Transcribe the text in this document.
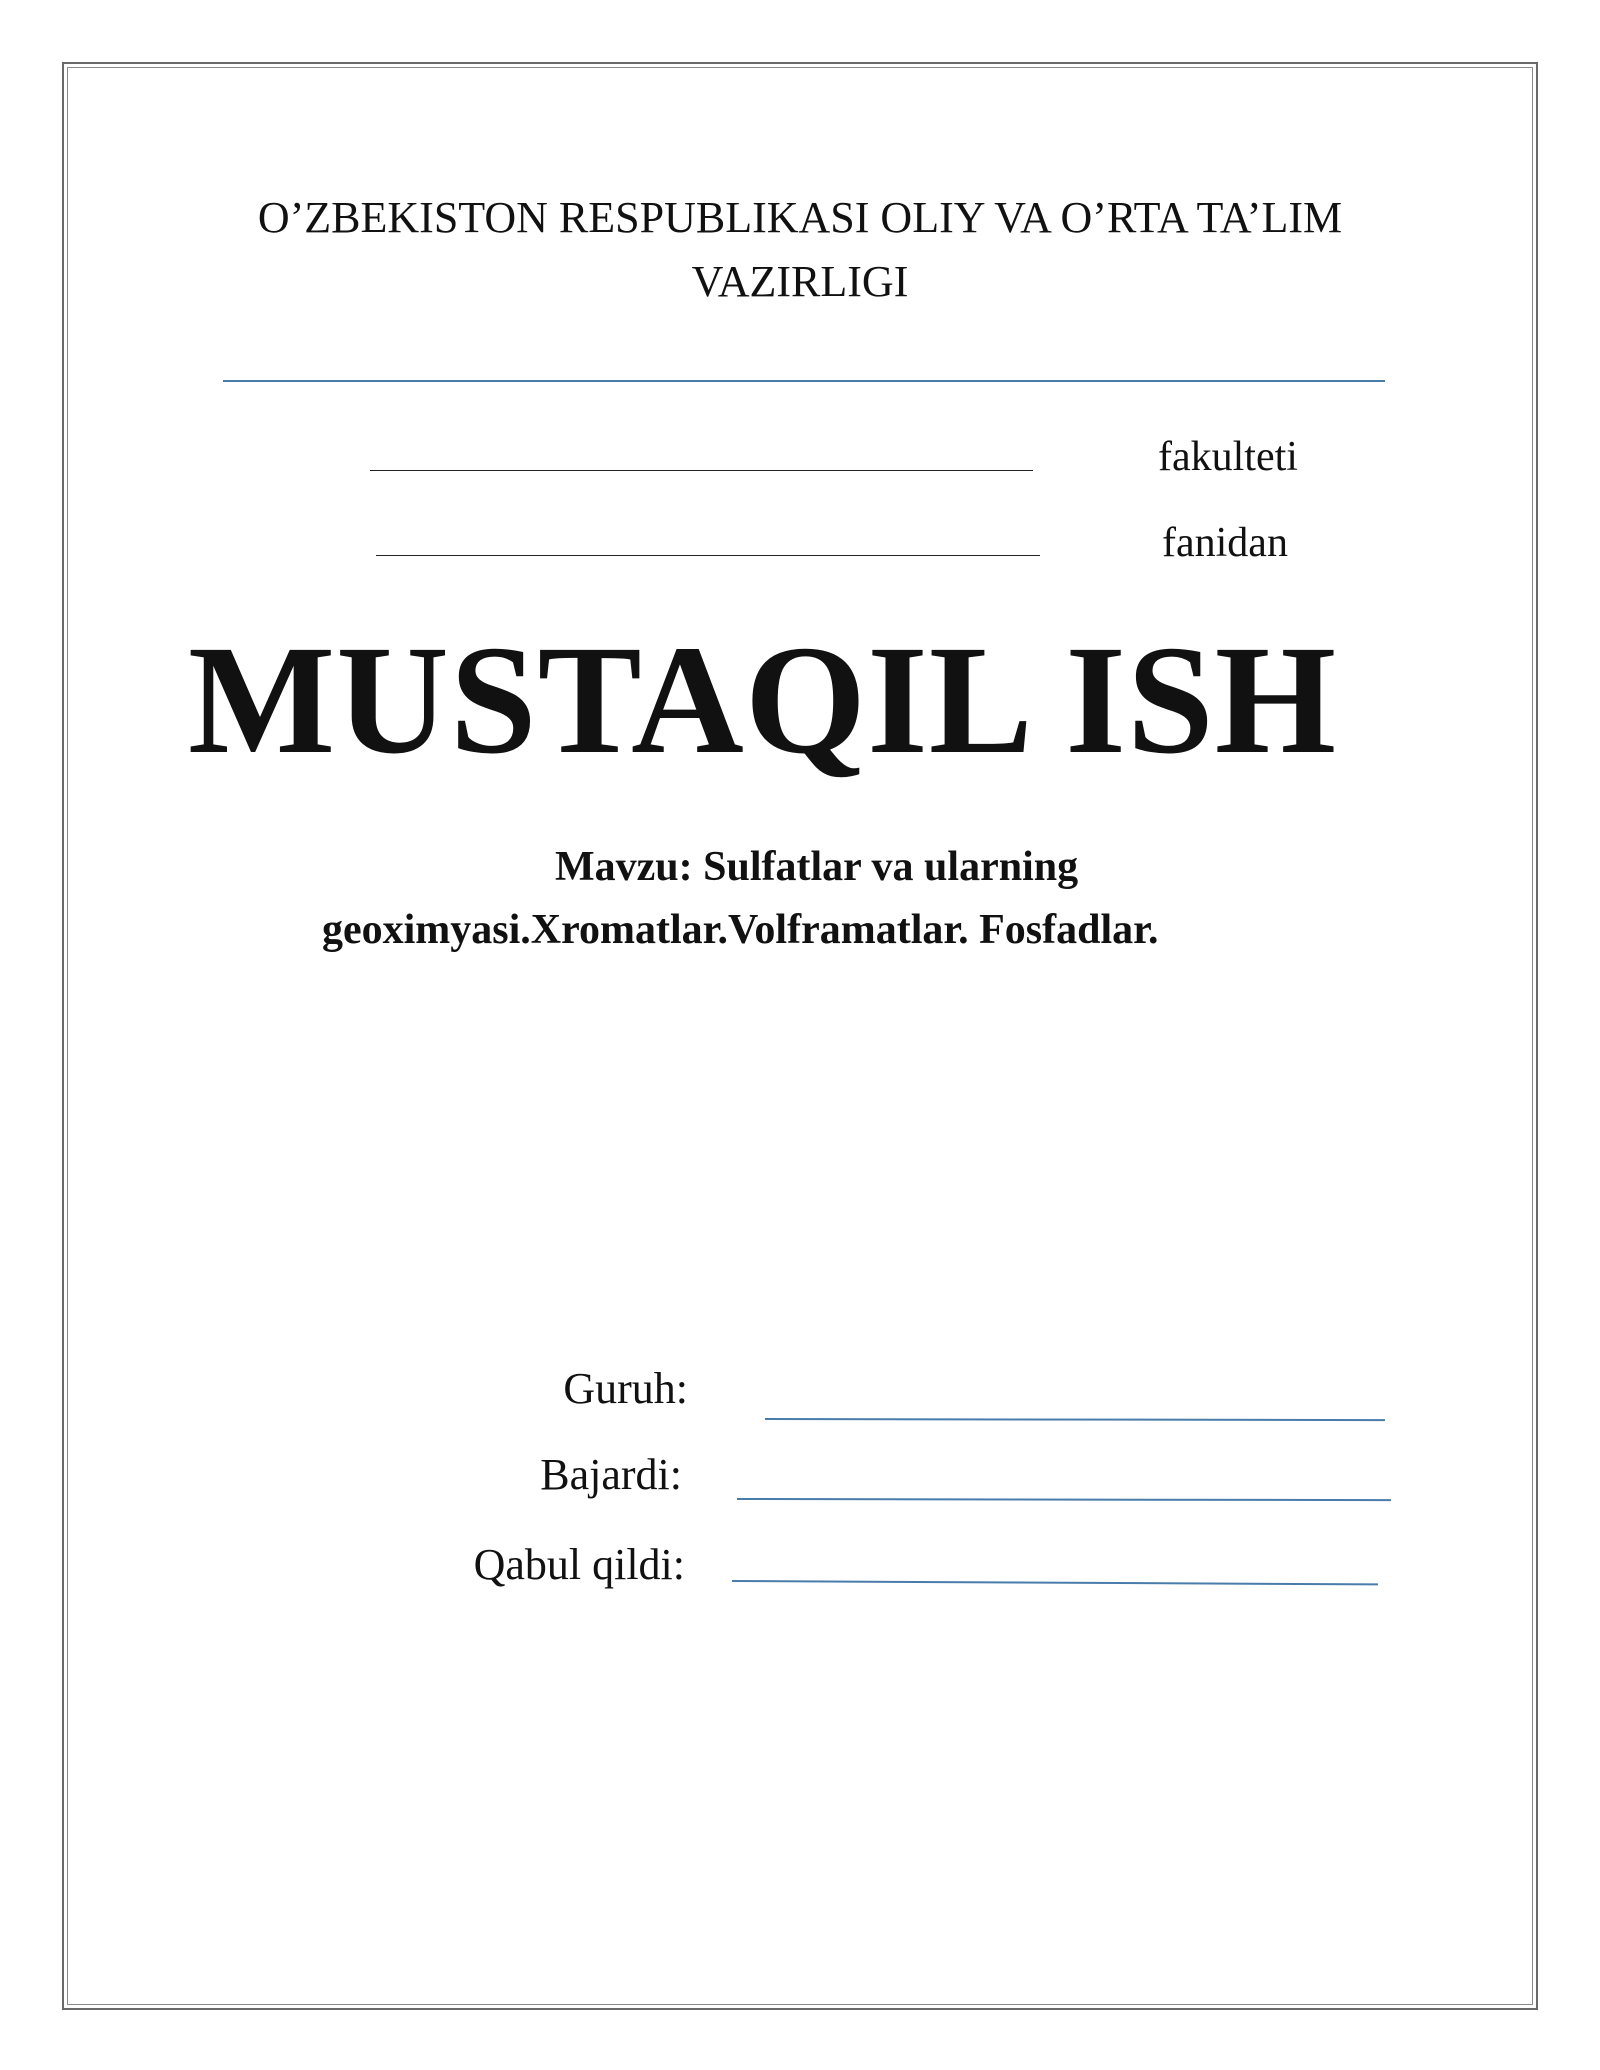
O’ZBEKISTON RESPUBLIKASI OLIY VA O’RTA TA’LIM
VAZIRLIGI
fakulteti
fanidan
MUSTAQIL ISH
Mavzu: Sulfatlar va ularning
geoximyasi.Xromatlar.Volframatlar. Fosfadlar.
Guruh:
Bajardi:
Qabul qildi:
